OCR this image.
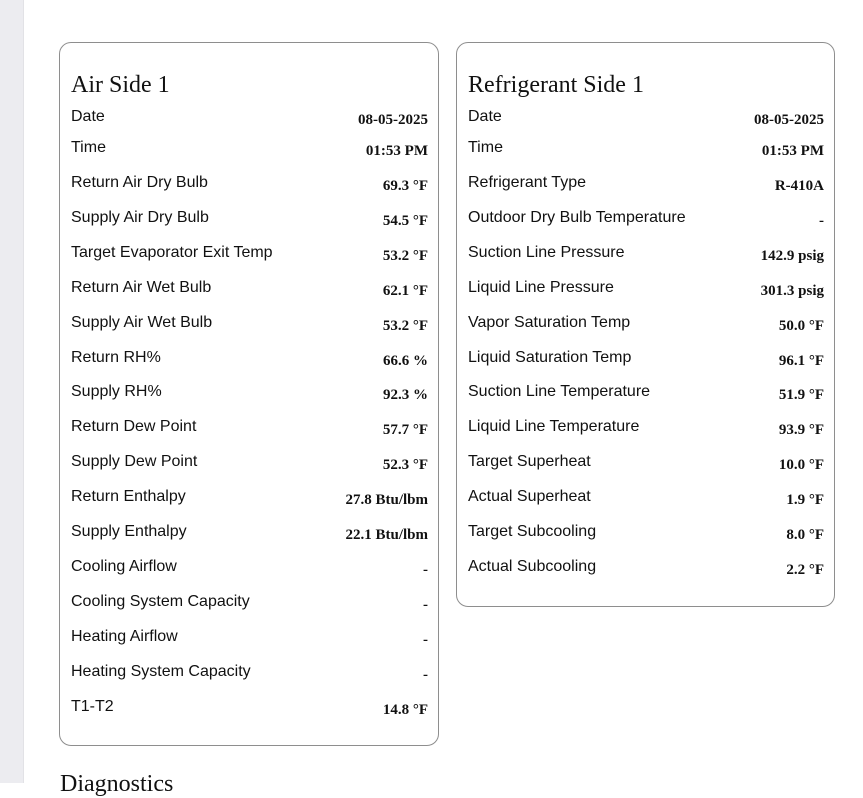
Air Side 1
Date	08-05-2025
Time	01:53 PM
Return Air Dry Bulb	69.3 °F
Supply Air Dry Bulb	54.5 °F
Target Evaporator Exit Temp	53.2 °F
Return Air Wet Bulb	62.1 °F
Supply Air Wet Bulb	53.2 °F
Return RH%	66.6 %
Supply RH%	92.3 %
Return Dew Point	57.7 °F
Supply Dew Point	52.3 °F
Return Enthalpy	27.8 Btu/lbm
Supply Enthalpy	22.1 Btu/lbm
Cooling Airflow	-
Cooling System Capacity	-
Heating Airflow	-
Heating System Capacity	-
T1-T2	14.8 °F
Refrigerant Side 1
Date	08-05-2025
Time	01:53 PM
Refrigerant Type	R-410A
Outdoor Dry Bulb Temperature	-
Suction Line Pressure	142.9 psig
Liquid Line Pressure	301.3 psig
Vapor Saturation Temp	50.0 °F
Liquid Saturation Temp	96.1 °F
Suction Line Temperature	51.9 °F
Liquid Line Temperature	93.9 °F
Target Superheat	10.0 °F
Actual Superheat	1.9 °F
Target Subcooling	8.0 °F
Actual Subcooling	2.2 °F
Diagnostics
